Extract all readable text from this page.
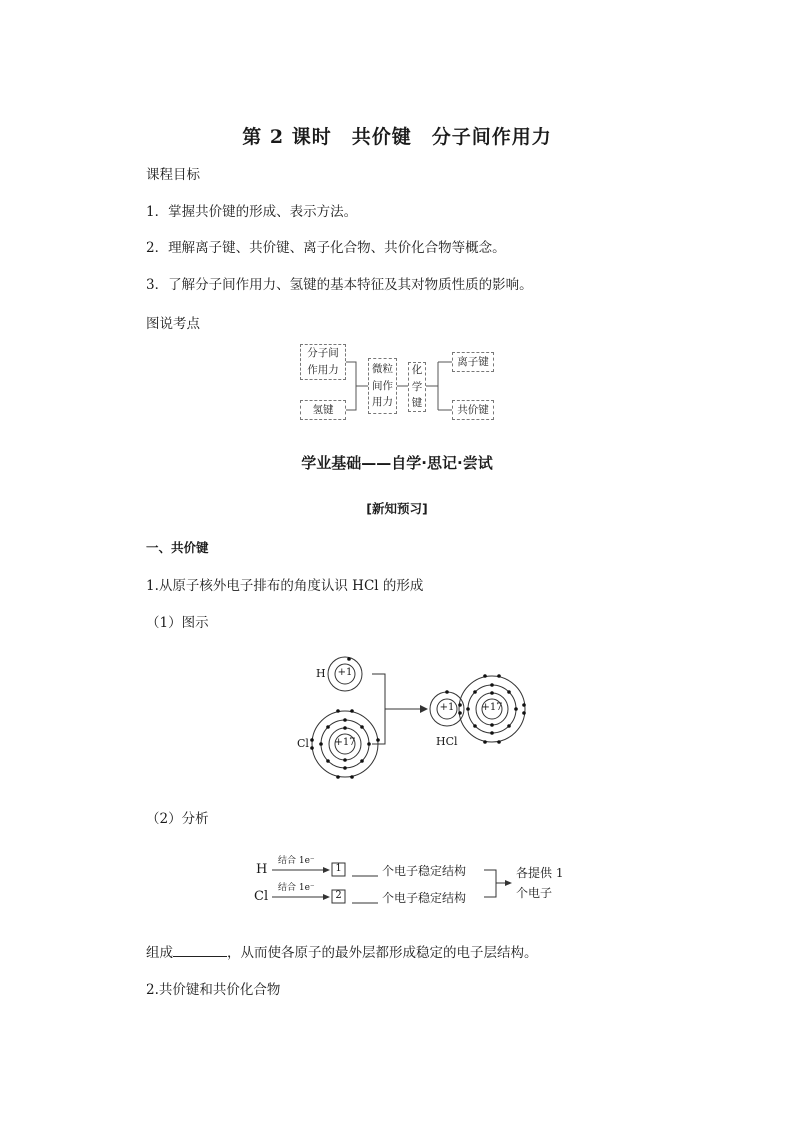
第 2 课时 共价键 分子间作用力
课程目标
1．掌握共价键的形成、表示方法。
2．理解离子键、共价键、离子化合物、共价化合物等概念。
3．了解分子间作用力、氢键的基本特征及其对物质性质的影响。
图说考点
分子间
作用力
氢键
微粒
间作
用力
化
学
键
离子键
共价键
学业基础——自学·思记·尝试
[新知预习]
一、共价键
1.从原子核外电子排布的角度认识 HCl 的形成
（1）图示
H +1
Cl	+17
+1	+17
HCl
（2）分析
H
Cl
结合 1e⁻
结合 1e⁻
1
2
个电子稳定结构
个电子稳定结构
各提供 1
个电子
组成	，从而使各原子的最外层都形成稳定的电子层结构。
2.共价键和共价化合物
